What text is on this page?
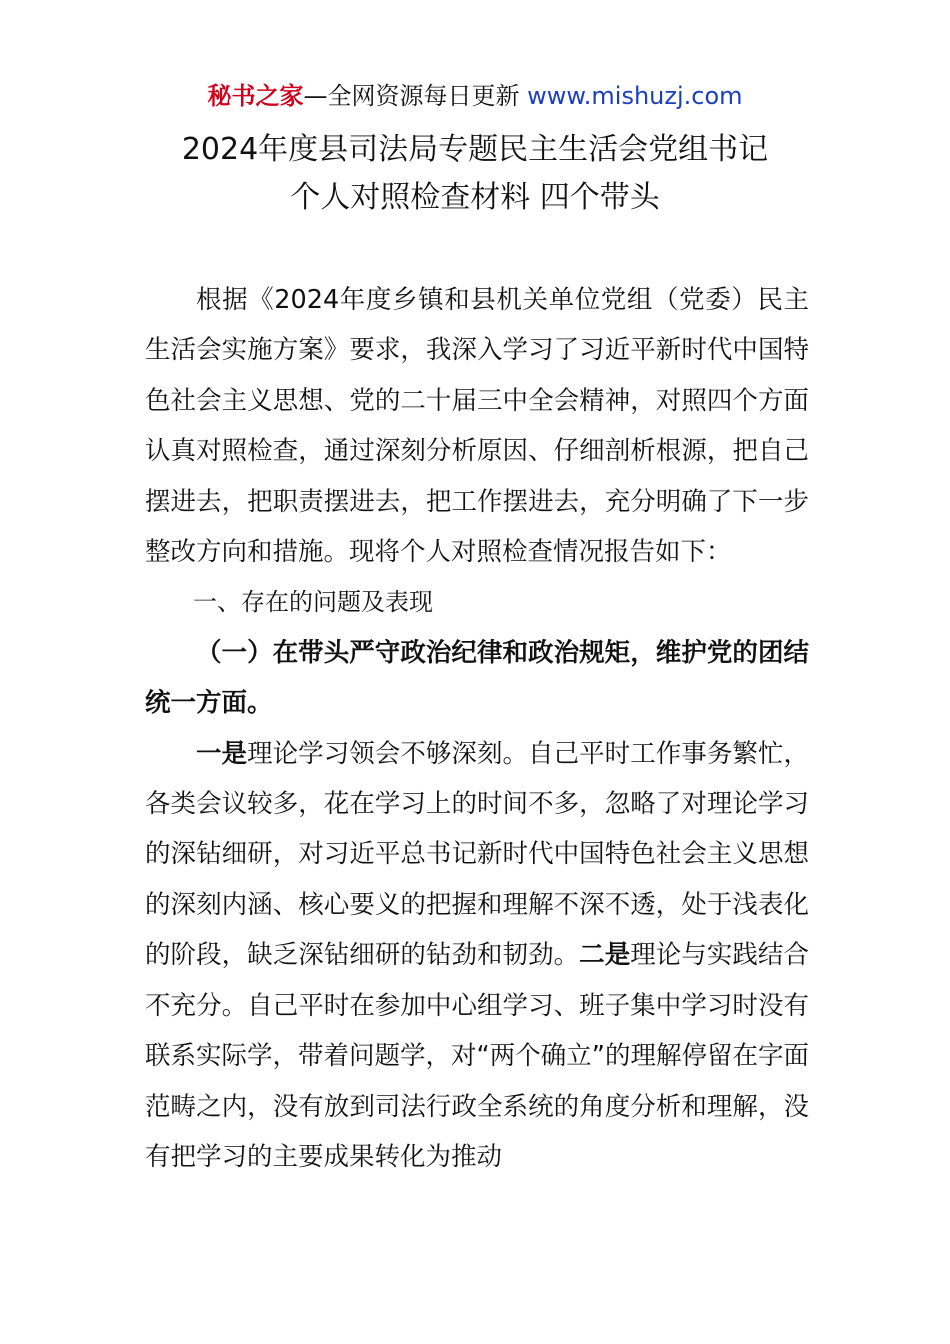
秘书之家—全网资源每日更新 www.mishuzj.com
2024年度县司法局专题民主生活会党组书记
个人对照检查材料 四个带头

根据《2024年度乡镇和县机关单位党组（党委）民主生活会实施方案》要求，我深入学习了习近平新时代中国特色社会主义思想、党的二十届三中全会精神，对照四个方面认真对照检查，通过深刻分析原因、仔细剖析根源，把自己摆进去，把职责摆进去，把工作摆进去，充分明确了下一步整改方向和措施。现将个人对照检查情况报告如下：

一、存在的问题及表现

（一）在带头严守政治纪律和政治规矩，维护党的团结统一方面。

一是理论学习领会不够深刻。自己平时工作事务繁忙，各类会议较多，花在学习上的时间不多，忽略了对理论学习的深钻细研，对习近平总书记新时代中国特色社会主义思想的深刻内涵、核心要义的把握和理解不深不透，处于浅表化的阶段，缺乏深钻细研的钻劲和韧劲。二是理论与实践结合不充分。自己平时在参加中心组学习、班子集中学习时没有联系实际学，带着问题学，对“两个确立”的理解停留在字面范畴之内，没有放到司法行政全系统的角度分析和理解，没有把学习的主要成果转化为推动
